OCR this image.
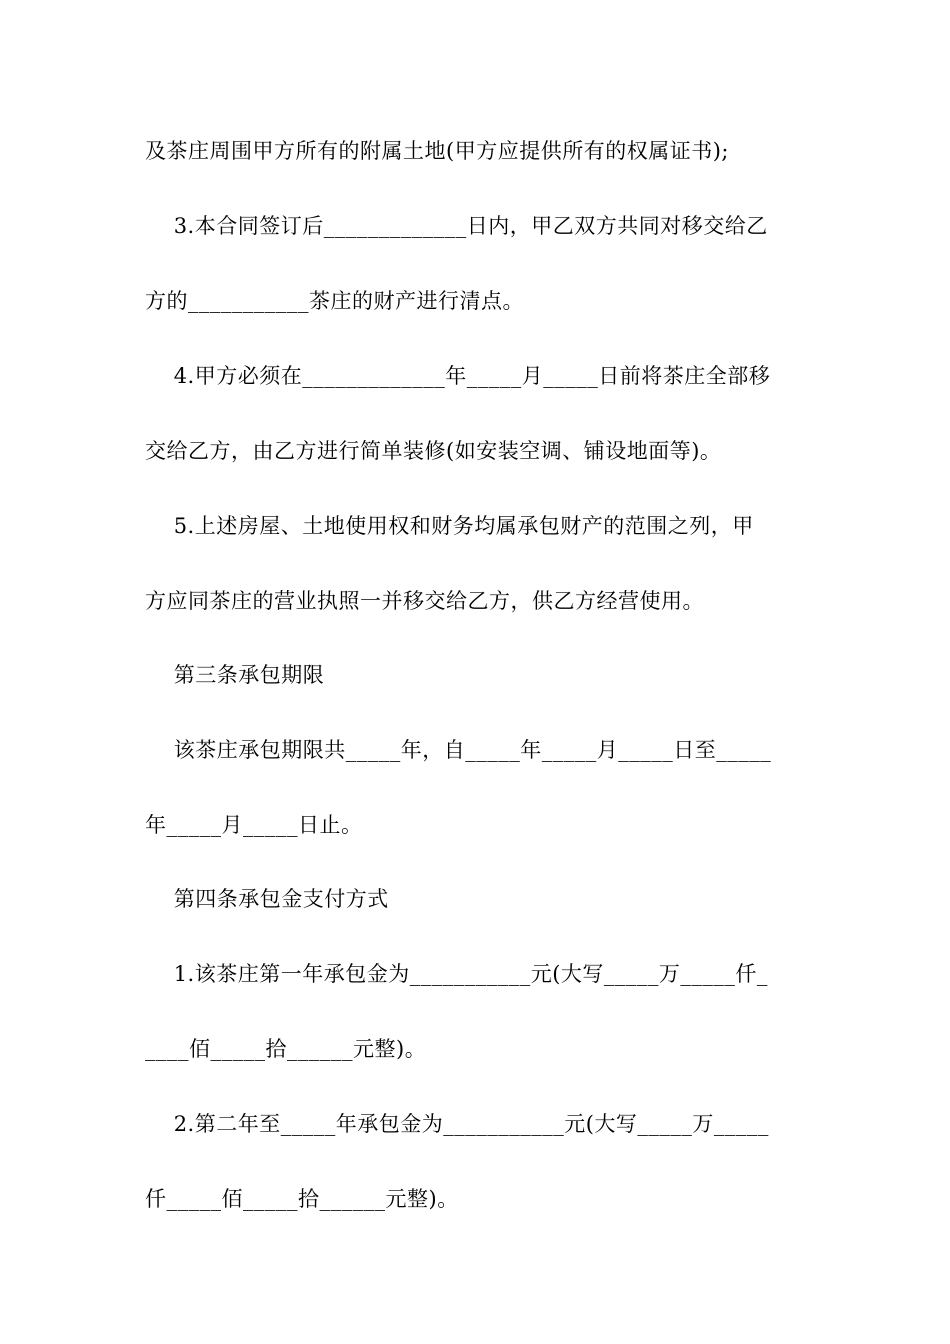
及茶庄周围甲方所有的附属土地(甲方应提供所有的权属证书);
3.本合同签订后_____________日内，甲乙双方共同对移交给乙
方的___________茶庄的财产进行清点。
4.甲方必须在_____________年_____月_____日前将茶庄全部移
交给乙方，由乙方进行简单装修(如安装空调、铺设地面等)。
5.上述房屋、土地使用权和财务均属承包财产的范围之列，甲
方应同茶庄的营业执照一并移交给乙方，供乙方经营使用。
第三条承包期限
该茶庄承包期限共_____年，自_____年_____月_____日至_____
年_____月_____日止。
第四条承包金支付方式
1.该茶庄第一年承包金为___________元(大写_____万_____仟_
____佰_____拾______元整)。
2.第二年至_____年承包金为___________元(大写_____万_____
仟_____佰_____拾______元整)。
